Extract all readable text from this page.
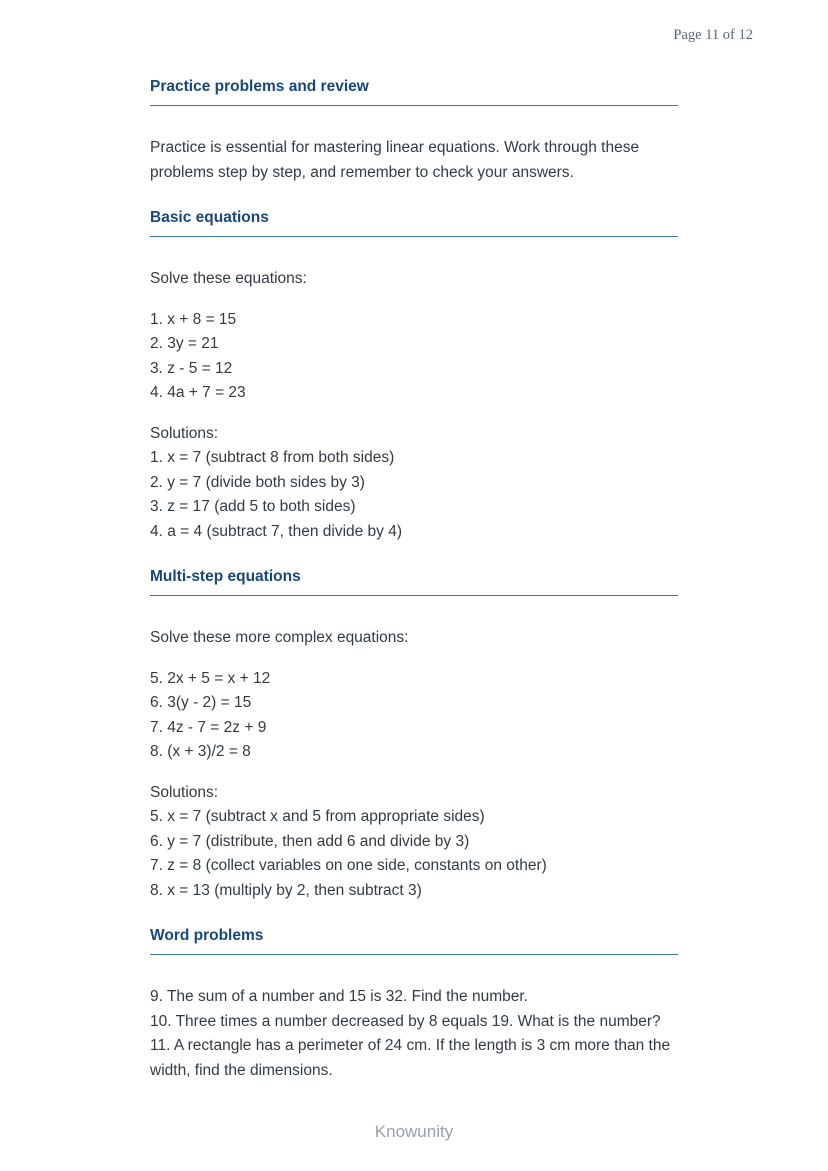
Page 11 of 12
Practice problems and review

Practice is essential for mastering linear equations. Work through these problems step by step, and remember to check your answers.

Basic equations

Solve these equations:

1. x + 8 = 15
2. 3y = 21
3. z - 5 = 12
4. 4a + 7 = 23
Solutions:
1. x = 7 (subtract 8 from both sides)
2. y = 7 (divide both sides by 3)
3. z = 17 (add 5 to both sides)
4. a = 4 (subtract 7, then divide by 4)
Multi-step equations

Solve these more complex equations:

5. 2x + 5 = x + 12
6. 3(y - 2) = 15
7. 4z - 7 = 2z + 9
8. (x + 3)/2 = 8
Solutions:
5. x = 7 (subtract x and 5 from appropriate sides)
6. y = 7 (distribute, then add 6 and divide by 3)
7. z = 8 (collect variables on one side, constants on other)
8. x = 13 (multiply by 2, then subtract 3)
Word problems
9. The sum of a number and 15 is 32. Find the number.
10. Three times a number decreased by 8 equals 19. What is the number?
11. A rectangle has a perimeter of 24 cm. If the length is 3 cm more than the width, find the dimensions.
Knowunity
